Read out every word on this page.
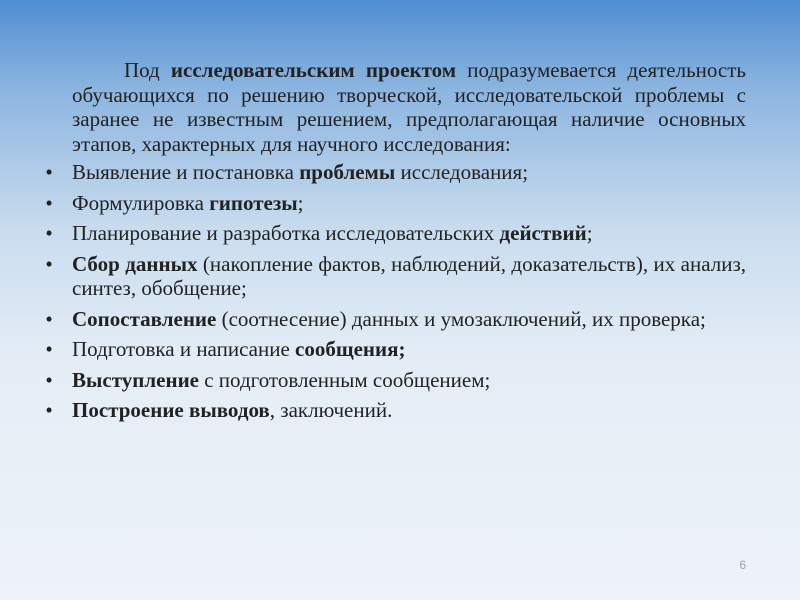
Под исследовательским проектом подразумевается деятельность обучающихся по решению творческой, исследовательской проблемы с заранее не известным решением, предполагающая наличие основных этапов, характерных для научного исследования:

• Выявление и постановка проблемы исследования;
• Формулировка гипотезы;
• Планирование и разработка исследовательских действий;
• Сбор данных (накопление фактов, наблюдений, доказательств), их анализ, синтез, обобщение;
• Сопоставление (соотнесение) данных и умозаключений, их проверка;
• Подготовка и написание сообщения;
• Выступление с подготовленным сообщением;
• Построение выводов, заключений.
6
